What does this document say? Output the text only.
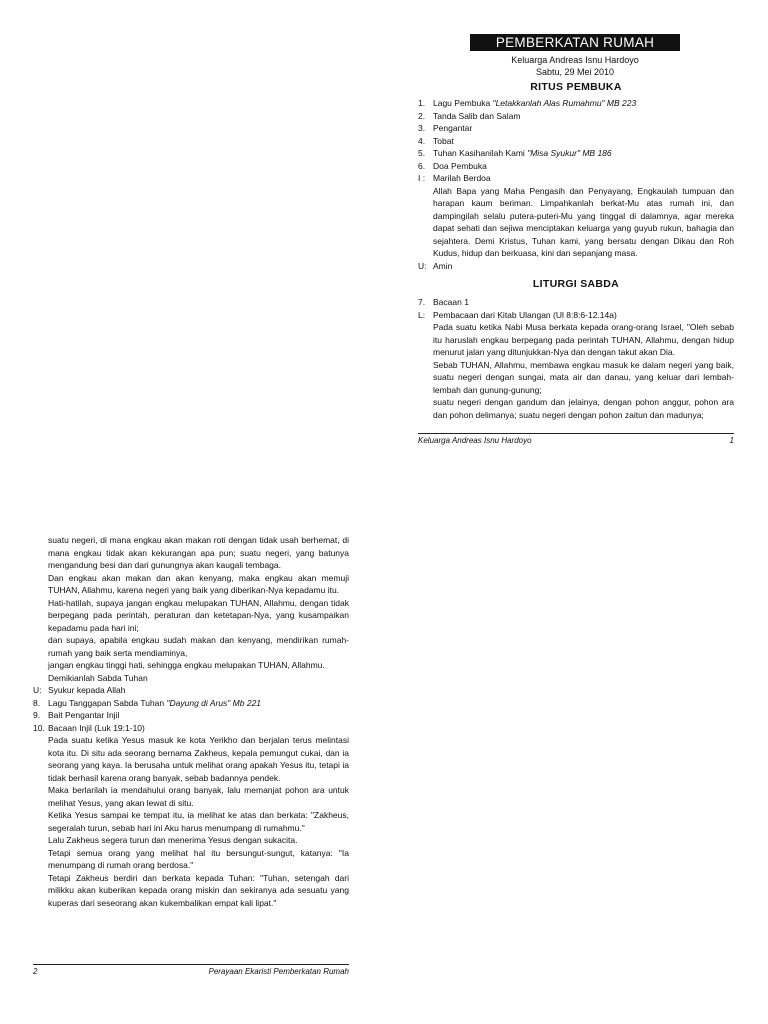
PEMBERKATAN RUMAH
Keluarga Andreas Isnu Hardoyo
Sabtu, 29 Mei 2010
RITUS PEMBUKA
1. Lagu Pembuka "Letakkanlah Alas Rumahmu" MB 223
2. Tanda Salib dan Salam
3. Pengantar
4. Tobat
5. Tuhan Kasihanilah Kami "Misa Syukur" MB 186
6. Doa Pembuka
I : Marilah Berdoa
Allah Bapa yang Maha Pengasih dan Penyayang, Engkaulah tumpuan dan harapan kaum beriman. Limpahkanlah berkat-Mu atas rumah ini, dan dampingilah selalu putera-puteri-Mu yang tinggal di dalamnya, agar mereka dapat sehati dan sejiwa menciptakan keluarga yang guyub rukun, bahagia dan sejahtera. Demi Kristus, Tuhan kami, yang bersatu dengan Dikau dan Roh Kudus, hidup dan berkuasa, kini dan sepanjang masa.
U: Amin
LITURGI SABDA
7. Bacaan 1
L: Pembacaan dari Kitab Ulangan (Ul 8:8:6-12.14a)
Pada suatu ketika Nabi Musa berkata kepada orang-orang Israel, "Oleh sebab itu haruslah engkau berpegang pada perintah TUHAN, Allahmu, dengan hidup menurut jalan yang ditunjukkan-Nya dan dengan takut akan Dia.
Sebab TUHAN, Allahmu, membawa engkau masuk ke dalam negeri yang baik, suatu negeri dengan sungai, mata air dan danau, yang keluar dari lembah-lembah dan gunung-gunung;
suatu negeri dengan gandum dan jelainya, dengan pohon anggur, pohon ara dan pohon delimanya; suatu negeri dengan pohon zaitun dan madunya;
Keluarga Andreas Isnu Hardoyo	1
suatu negeri, di mana engkau akan makan roti dengan tidak usah berhemat, di mana engkau tidak akan kekurangan apa pun; suatu negeri, yang batunya mengandung besi dan dari gunungnya akan kaugali tembaga.
Dan engkau akan makan dan akan kenyang, maka engkau akan memuji TUHAN, Allahmu, karena negeri yang baik yang diberikan-Nya kepadamu itu.
Hati-hatilah, supaya jangan engkau melupakan TUHAN, Allahmu, dengan tidak berpegang pada perintah, peraturan dan ketetapan-Nya, yang kusampaikan kepadamu pada hari ini;
dan supaya, apabila engkau sudah makan dan kenyang, mendirikan rumah-rumah yang baik serta mendiaminya,
jangan engkau tinggi hati, sehingga engkau melupakan TUHAN, Allahmu.
Demikianlah Sabda Tuhan
U: Syukur kepada Allah
8. Lagu Tanggapan Sabda Tuhan "Dayung di Arus" Mb 221
9. Bait Pengantar Injil
10. Bacaan Injil (Luk 19:1-10)
Pada suatu ketika Yesus masuk ke kota Yerikho dan berjalan terus melintasi kota itu. Di situ ada seorang bernama Zakheus, kepala pemungut cukai, dan ia seorang yang kaya. Ia berusaha untuk melihat orang apakah Yesus itu, tetapi ia tidak berhasil karena orang banyak, sebab badannya pendek.
Maka berlarilah ia mendahului orang banyak, lalu memanjat pohon ara untuk melihat Yesus, yang akan lewat di situ.
Ketika Yesus sampai ke tempat itu, ia melihat ke atas dan berkata: "Zakheus, segeralah turun, sebab hari ini Aku harus menumpang di rumahmu."
Lalu Zakheus segera turun dan menerima Yesus dengan sukacita.
Tetapi semua orang yang melihat hal itu bersungut-sungut, katanya: "Ia menumpang di rumah orang berdosa."
Tetapi Zakheus berdiri dan berkata kepada Tuhan: "Tuhan, setengah dari milikku akan kuberikan kepada orang miskin dan sekiranya ada sesuatu yang kuperas dari seseorang akan kukembalikan empat kali lipat."
2	Perayaan Ekaristi Pemberkatan Rumah
